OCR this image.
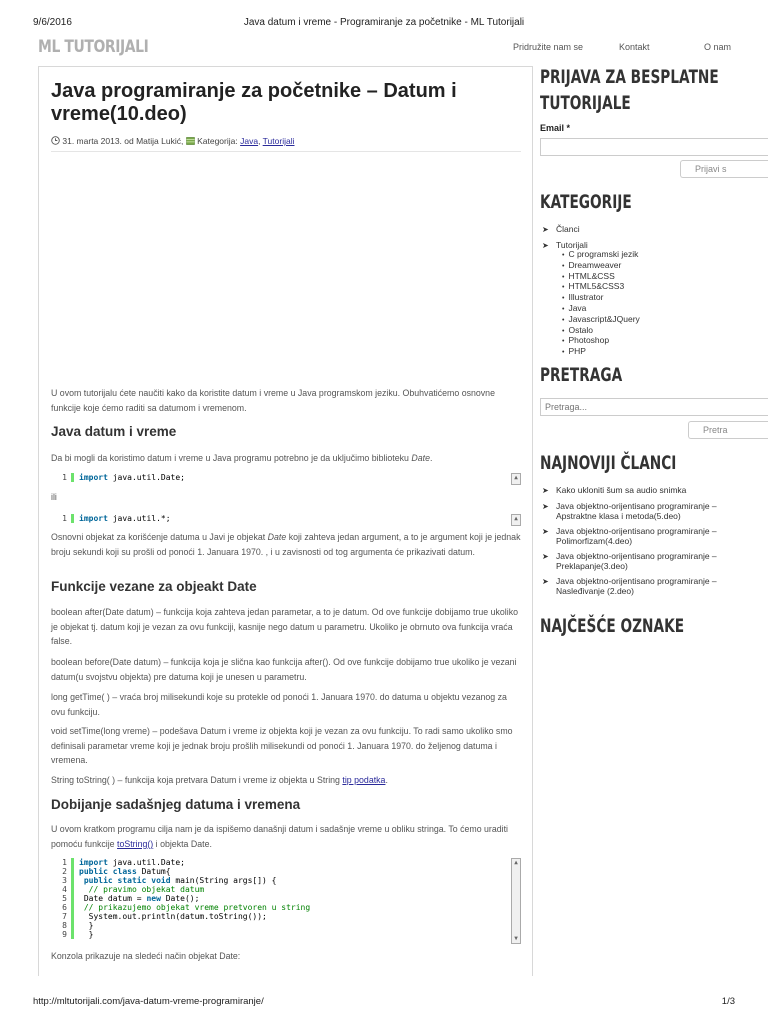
9/6/2016	Java datum i vreme - Programiranje za početnike - ML Tutorijali
ML TUTORIJALI	Pridružite nam se	Kontakt	O nam
Java programiranje za početnike – Datum i vreme(10.deo)
31. marta 2013. od Matija Lukić, Kategorija: Java, Tutorijali

U ovom tutorijalu ćete naučiti kako da koristite datum i vreme u Java programskom jeziku. Obuhvatićemo osnovne funkcije koje ćemo raditi sa datumom i vremenom.

Java datum i vreme

Da bi mogli da koristimo datum i vreme u Java programu potrebno je da uključimo biblioteku Date.

1 import java.util.Date;	▲

ili

1 import java.util.*;	▲

Osnovni objekat za korišćenje datuma u Javi je objekat Date koji zahteva jedan argument, a to je argument koji je jednak broju sekundi koji su prošli od ponoći 1. Januara 1970. , i u zavisnosti od tog argumenta će prikazivati datum.

Funkcije vezane za objeakt Date

boolean after(Date datum) – funkcija koja zahteva jedan parametar, a to je datum. Od ove funkcije dobijamo true ukoliko je objekat tj. datum koji je vezan za ovu funkciji, kasnije nego datum u parametru. Ukoliko je obrnuto ova funkcija vraća false.

boolean before(Date datum) – funkcija koja je slična kao funkcija after(). Od ove funkcije dobijamo true ukoliko je vezani datum(u svojstvu objekta) pre datuma koji je unesen u parametru.

long getTime( ) – vraća broj milisekundi koje su protekle od ponoći 1. Januara 1970. do datuma u objektu vezanog za ovu funkciju.

void setTime(long vreme) – podešava Datum i vreme iz objekta koji je vezan za ovu funkciju. To radi samo ukoliko smo definisali parametar vreme koji je jednak broju prošlih milisekundi od ponoći 1. Januara 1970. do željenog datuma i vremena.

String toString( ) – funkcija koja pretvara Datum i vreme iz objekta u String tip podatka.

Dobijanje sadašnjeg datuma i vremena

U ovom kratkom programu cilja nam je da ispišemo današnji datum i sadašnje vreme u obliku stringa. To ćemo uraditi pomoću funkcije toString() i objekta Date.

1 import java.util.Date;
2 public class Datum{
3 public static void main(String args[]) {
4 // pravimo objekat datum
5 Date datum = new Date();
6 // prikazujemo objekat vreme pretvoren u string
7 System.out.println(datum.toString());
8 }
9 }
▲
▼

Konzola prikazuje na sledeći način objekat Date:

PRIJAVA ZA BESPLATNE
TUTORIJALE
Email *
Prijavi s
KATEGORIJE
➤ Članci
➤ Tutorijali
• C programski jezik
• Dreamweaver
• HTML&CSS
• HTML5&CSS3
• Illustrator
• Java
• Javascript&JQuery
• Ostalo
• Photoshop
• PHP
PRETRAGA
Pretraga...
Pretra
NAJNOVIJI ČLANCI
➤ Kako ukloniti šum sa audio snimka
➤ Java objektno-orijentisano programiranje –
Apstraktne klasa i metoda(5.deo)
➤ Java objektno-orijentisano programiranje –
Polimorfizam(4.deo)
➤ Java objektno-orijentisano programiranje –
Preklapanje(3.deo)
➤ Java objektno-orijentisano programiranje –
Nasleđivanje (2.deo)
NAJČEŠĆE OZNAKE
http://mltutorijali.com/java-datum-vreme-programiranje/	1/3
